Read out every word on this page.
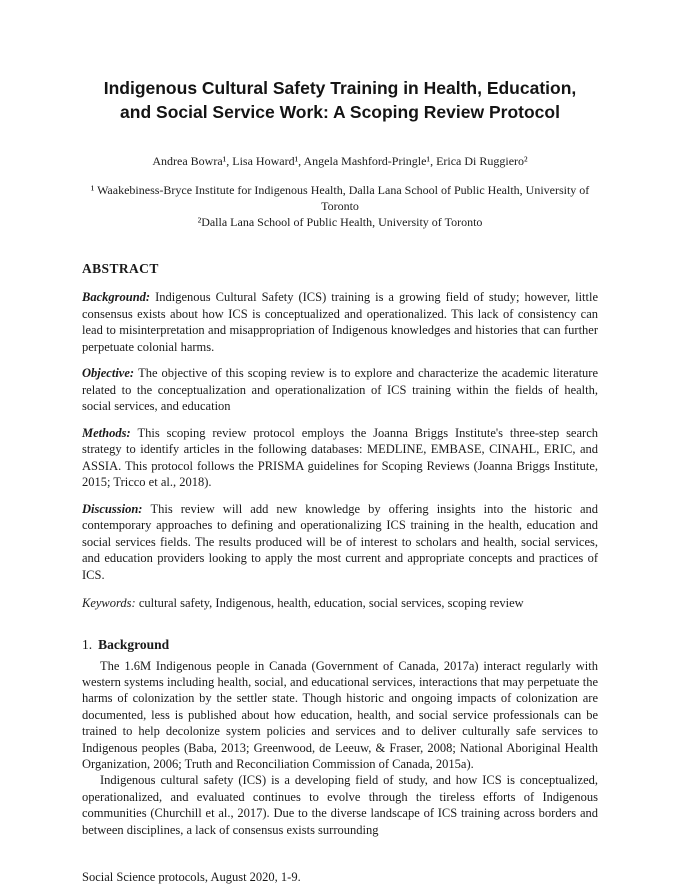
Indigenous Cultural Safety Training in Health, Education,
and Social Service Work: A Scoping Review Protocol

Andrea Bowra¹, Lisa Howard¹, Angela Mashford-Pringle¹, Erica Di Ruggiero²

¹ Waakebiness-Bryce Institute for Indigenous Health, Dalla Lana School of Public Health, University of Toronto

²Dalla Lana School of Public Health, University of Toronto

ABSTRACT

Background: Indigenous Cultural Safety (ICS) training is a growing field of study; however, little consensus exists about how ICS is conceptualized and operationalized. This lack of consistency can lead to misinterpretation and misappropriation of Indigenous knowledges and histories that can further perpetuate colonial harms.

Objective: The objective of this scoping review is to explore and characterize the academic literature related to the conceptualization and operationalization of ICS training within the fields of health, social services, and education

Methods: This scoping review protocol employs the Joanna Briggs Institute's three-step search strategy to identify articles in the following databases: MEDLINE, EMBASE, CINAHL, ERIC, and ASSIA. This protocol follows the PRISMA guidelines for Scoping Reviews (Joanna Briggs Institute, 2015; Tricco et al., 2018).

Discussion: This review will add new knowledge by offering insights into the historic and contemporary approaches to defining and operationalizing ICS training in the health, education and social services fields. The results produced will be of interest to scholars and health, social services, and education providers looking to apply the most current and appropriate concepts and practices of ICS.

Keywords: cultural safety, Indigenous, health, education, social services, scoping review

1. Background

The 1.6M Indigenous people in Canada (Government of Canada, 2017a) interact regularly with western systems including health, social, and educational services, interactions that may perpetuate the harms of colonization by the settler state. Though historic and ongoing impacts of colonization are documented, less is published about how education, health, and social service professionals can be trained to help decolonize system policies and services and to deliver culturally safe services to Indigenous peoples (Baba, 2013; Greenwood, de Leeuw, & Fraser, 2008; National Aboriginal Health Organization, 2006; Truth and Reconciliation Commission of Canada, 2015a).

Indigenous cultural safety (ICS) is a developing field of study, and how ICS is conceptualized, operationalized, and evaluated continues to evolve through the tireless efforts of Indigenous communities (Churchill et al., 2017). Due to the diverse landscape of ICS training across borders and between disciplines, a lack of consensus exists surrounding

Social Science protocols, August 2020, 1-9.
